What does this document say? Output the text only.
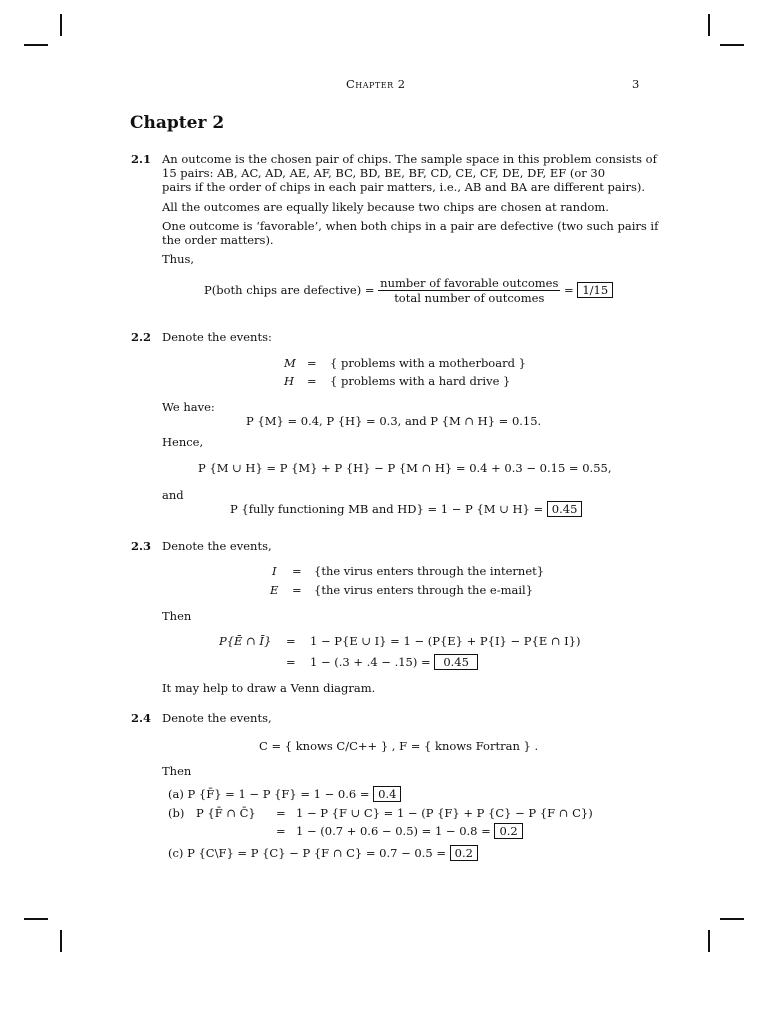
Chapter 2	3
Chapter 2
2.1 An outcome is the chosen pair of chips. The sample space in this problem consists of
15 pairs: AB, AC, AD, AE, AF, BC, BD, BE, BF, CD, CE, CF, DE, DF, EF (or 30
pairs if the order of chips in each pair matters, i.e., AB and BA are different pairs).
All the outcomes are equally likely because two chips are chosen at random.
One outcome is ‘favorable’, when both chips in a pair are defective (two such pairs if
the order matters).
Thus,
P(both chips are defective) = $\frac{\text{number of favorable outcomes}}{\text{total number of outcomes}} = 1/15$
2.2 Denote the events:
M = { problems with a motherboard }
H = { problems with a hard drive }
We have:
P {M} = 0.4, P {H} = 0.3, and P {M ∩ H} = 0.15.
Hence,
P {M ∪ H} = P {M} + P {H} − P {M ∩ H} = 0.4 + 0.3 − 0.15 = 0.55,
and
P {fully functioning MB and HD} = 1 − P {M ∪ H} = 0.45
2.3 Denote the events,
I = {the virus enters through the internet}
E = {the virus enters through the e-mail}
Then
P{Ē ∩ Ī} = 1 − P{E ∪ I} = 1 − (P{E} + P{I} − P{E ∩ I})
= 1 − (.3 + .4 − .15) = 0.45
It may help to draw a Venn diagram.
2.4 Denote the events,
C = { knows C/C++ } , F = { knows Fortran } .
Then
(a) P {F̄} = 1 − P {F} = 1 − 0.6 = 0.4
(b) P {F̄ ∩ C̄} = 1 − P {F ∪ C} = 1 − (P {F} + P {C} − P {F ∩ C})
= 1 − (0.7 + 0.6 − 0.5) = 1 − 0.8 = 0.2
(c) P {C\F} = P {C} − P {F ∩ C} = 0.7 − 0.5 = 0.2
